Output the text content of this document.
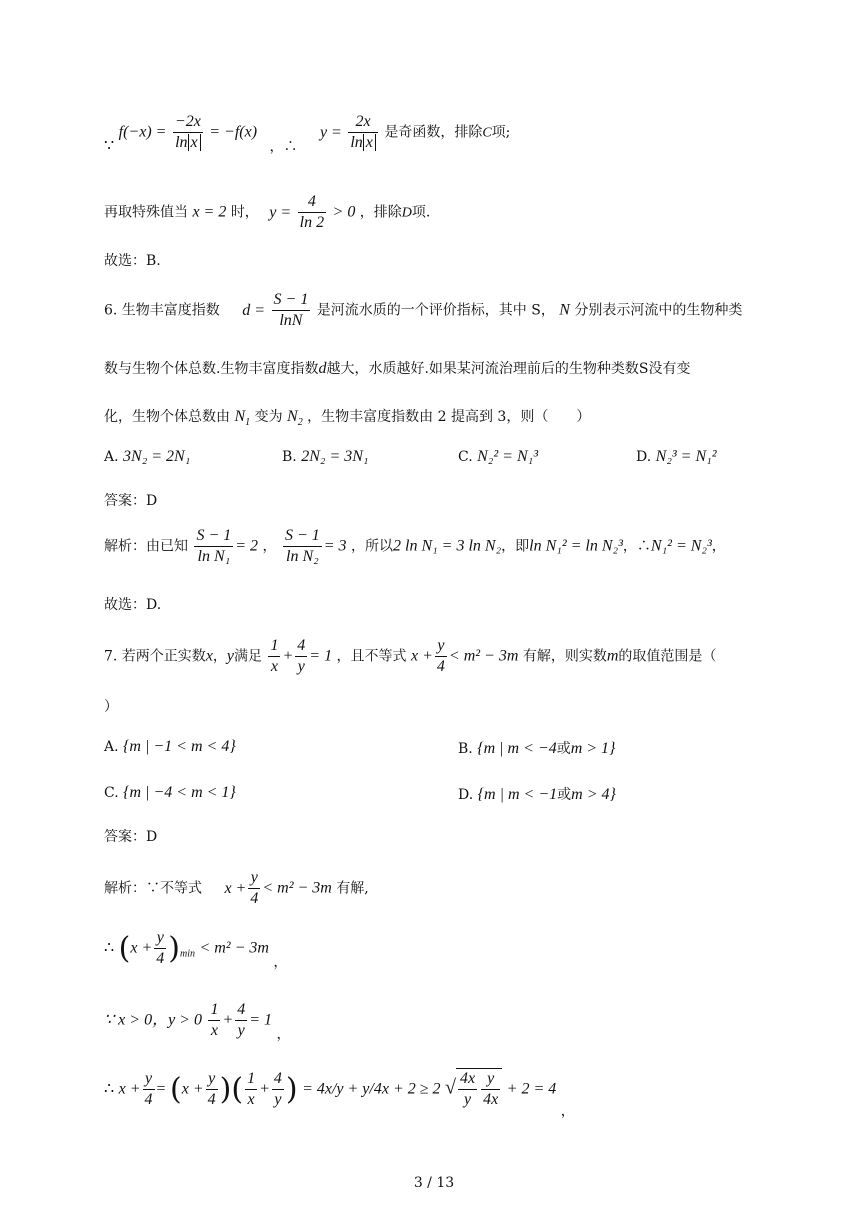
∵ $f(-x) = \frac{-2x}{\text{ln x}} = -f(x)$ ，∴ $y = \frac{2x}{\text{ln x}}$ 是奇函数，排除C项;
再取特殊值当 x = 2 时， $y = \frac{4}{\ln 2} > 0$ ，排除D项.
故选：B.
6. 生物丰富度指数 $d = \frac{S - 1}{\ln N}$ 是河流水质的一个评价指标，其中 S， N 分别表示河流中的生物种类
数与生物个体总数.生物丰富度指数d越大，水质越好.如果某河流治理前后的生物种类数S没有变
化，生物个体总数由 $N_1$ 变为 $N_2$ ，生物丰富度指数由 2 提高到 3，则（　　）
A. 3N₂ = 2N₁	B. 2N₂ = 3N₁	C. N₂² = N₁³	D. N₂³ = N₁²
答案：D
解析：由已知 $\frac{S - 1}{\text{ln N₁}} = 2$ ， $\frac{S - 1}{\text{ln N₂}} = 3$ ，所以2 ln N₁ = 3 ln N₂，即ln N₁² = ln N₂³，∴N₁² = N₂³，
故选：D.
7. 若两个正实数x，y满足 $\frac{1}{x} + \frac{4}{y} = 1$ ，且不等式 $x + \frac{y}{4} < m^2 - 3m$ 有解，则实数m的取值范围是（
）
A. {m | −1 < m < 4}	B. {m | m < −4或m > 1}
C. {m | −4 < m < 1}	D. {m | m < −1或m > 4}
答案：D
解析：∵不等式 $x + \frac{y}{4} < m^2 - 3m$ 有解,
∴ $(x + \frac{y}{4} )_{min} < m^2 - 3m$ ，
∵ x > 0，$y > 0 \frac{1}{x} + \frac{4}{y} = 1$ ，
∴ $x + \frac{y}{4} = (x + \frac{y}{4}$ )( $\frac{1}{x} + \frac{4}{y}$ ) = 4x/y + y/4x + 2 ≥ 2 √ $\frac{4x}{y} \frac{y}{4x} + 2 = 4$ ，
3 / 13
